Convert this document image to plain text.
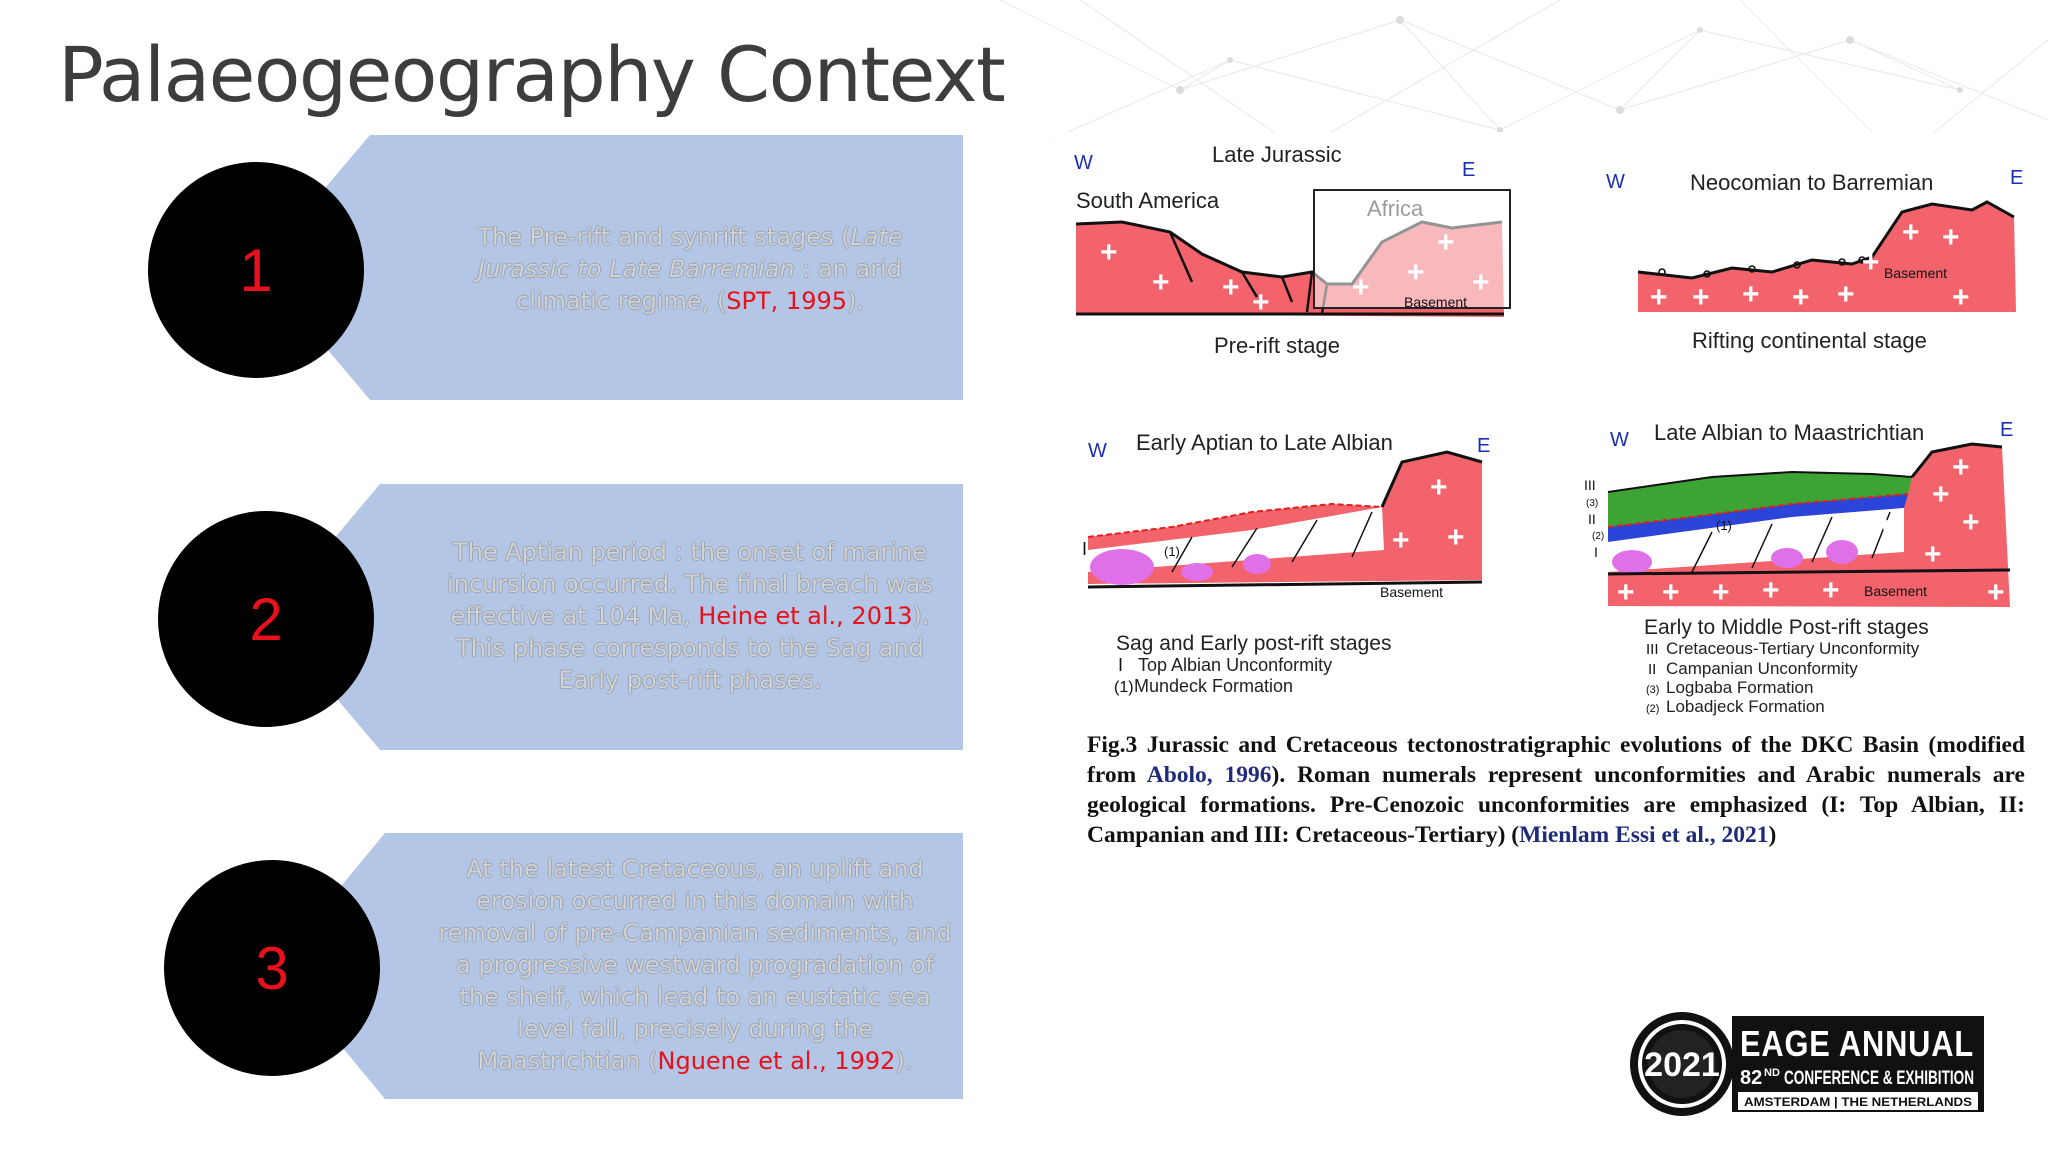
Palaeogeography Context
1	The Pre-rift and synrift stages (Late Jurassic to Late Barremian : an arid climatic regime, (SPT, 1995).
2
The Aptian period : the onset of marine incursion occurred. The final breach was effective at 104 Ma, Heine et al., 2013). This phase corresponds to the Sag and Early post-rift phases.
3
At the latest Cretaceous, an uplift and erosion occurred in this domain with removal of pre-Campanian sediments, and a progressive westward progradation of the shelf, which lead to an eustatic sea level fall, precisely during the Maastrichtian (Nguene et al., 1992).
W	E
Late Jurassic
South America
+
+ + +	+ +
+
+
Basement
Pre-rift stage
W	E
Neocomian to Barremian
+ + + + +
+
+ +
+
Basement
Rifting continental stage
W	E
Early Aptian to Late Albian
+ + + + +
+
+
+
+
Basement
I	(1)
Sag and Early post-rift stages
I Top Albian Unconformity
(1) Mundeck Formation
W	E
Late Albian to Maastrichtian
+ + + + +
+
+
+
+
+
+
Basement
III
(3)
II
(2)
I
(1)
Early to Middle Post-rift stages
III Cretaceous-Tertiary Unconformity
II Campanian Unconformity
(3) Logbaba Formation
(2) Lobadjeck Formation
Fig.3 Jurassic and Cretaceous tectonostratigraphic evolutions of the DKC Basin (modified from Abolo, 1996). Roman numerals represent unconformities and Arabic numerals are geological formations. Pre-Cenozoic unconformities are emphasized (I: Top Albian, II: Campanian and III: Cretaceous-Tertiary) (Mienlam Essi et al., 2021)
2021
EAGE ANNUAL
82 ND CONFERENCE & EXHIBITION
AMSTERDAM | THE NETHERLANDS
